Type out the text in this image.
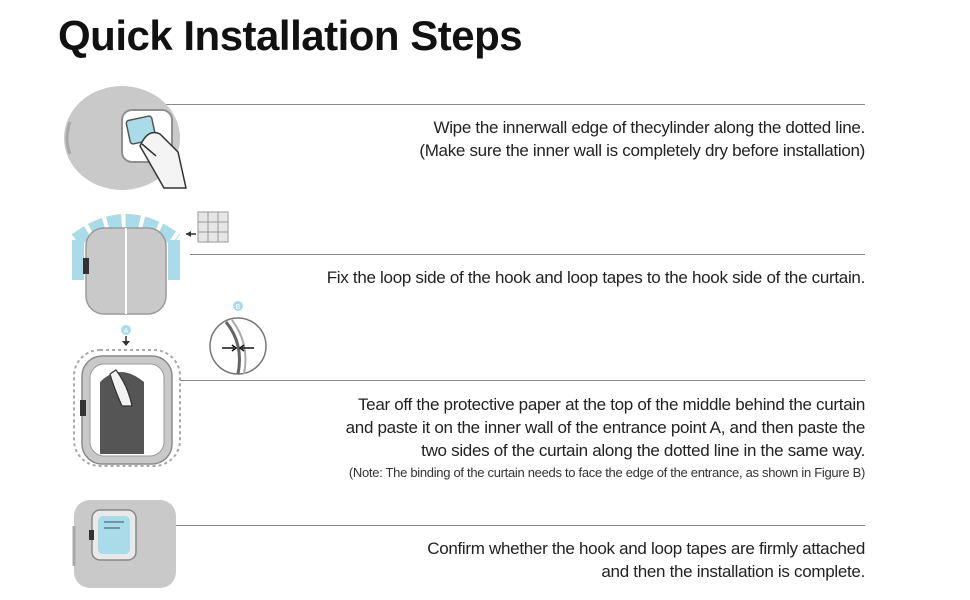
Quick Installation Steps
Wipe the innerwall edge of thecylinder along the dotted line.
(Make sure the inner wall is completely dry before installation)
Fix the loop side of the hook and loop tapes to the hook side of the curtain.
A
B
Tear off the protective paper at the top of the middle behind the curtain
and paste it on the inner wall of the entrance point A, and then paste the
two sides of the curtain along the dotted line in the same way.
(Note: The binding of the curtain needs to face the edge of the entrance, as shown in Figure B)
Confirm whether the hook and loop tapes are firmly attached
and then the installation is complete.
